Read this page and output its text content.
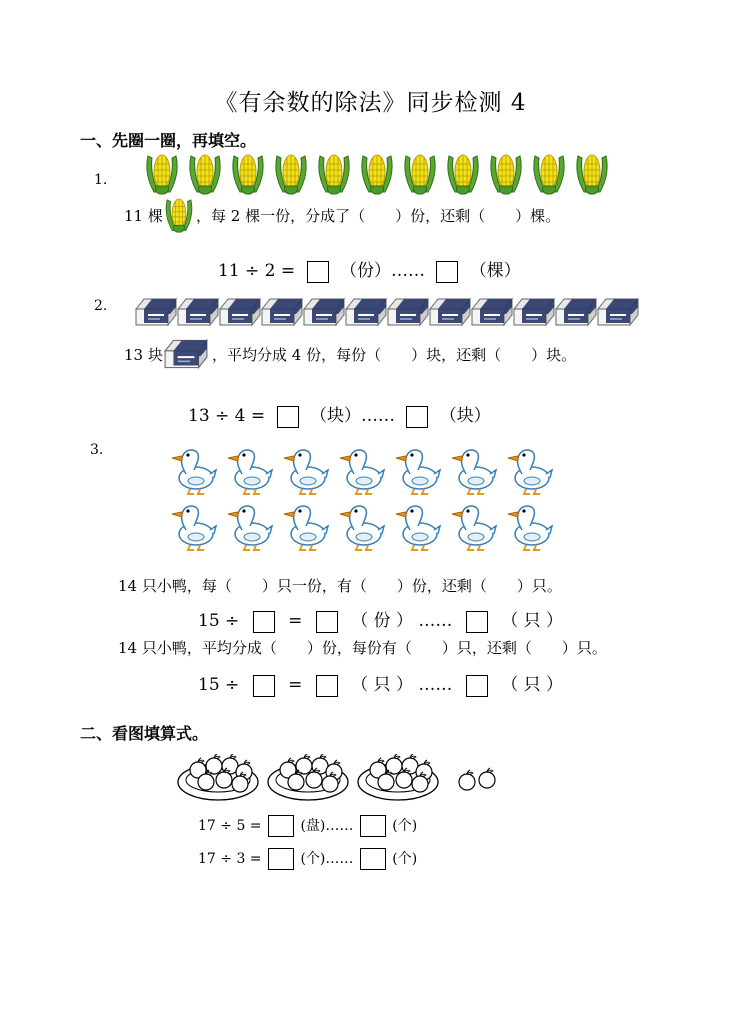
《有余数的除法》同步检测 4
一、先圈一圈，再填空。
1.
11 棵 ，每 2 棵一份，分成了（　　）份，还剩（　　）棵。
11 ÷ 2 =	（份）……	（棵）
2.
13 块	，平均分成 4 份，每份（　　）块，还剩（　　）块。
13 ÷ 4 =	（块）……	（块）
3.
14 只小鸭，每（　　）只一份，有（　　）份，还剩（　　）只。
15 ÷	=	（ 份 ） ……	（ 只 ）
14 只小鸭，平均分成（　　）份，每份有（　　）只，还剩（　　）只。
15 ÷	=	（ 只 ） ……	（ 只 ）
二、看图填算式。
17 ÷ 5 =	(盘)……	(个)
17 ÷ 3 =	(个)……	(个)
